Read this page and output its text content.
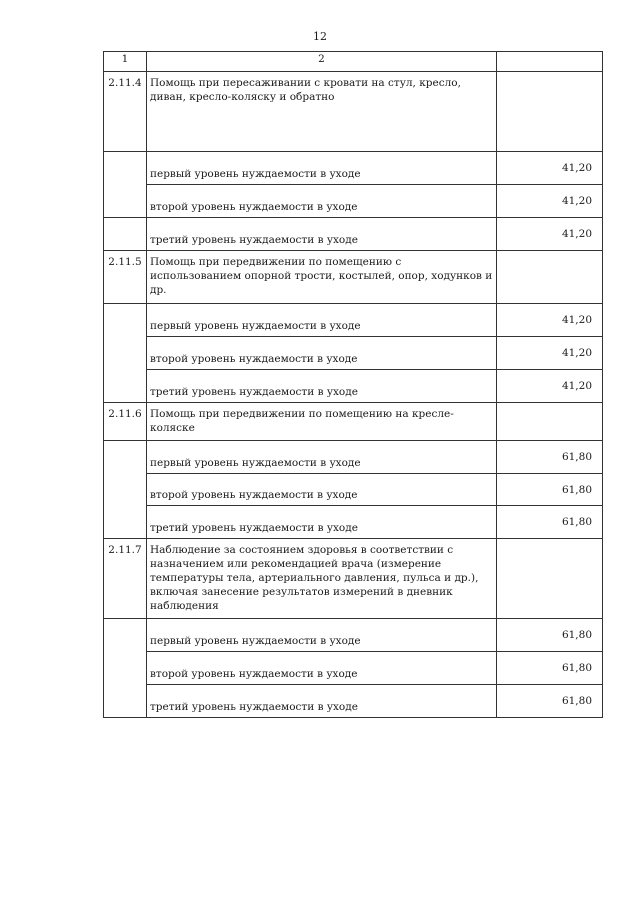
12
1	2	
2.11.4	Помощь при пересаживании с кровати на стул, кресло, диван, кресло-коляску и обратно	
	первый уровень нуждаемости в уходе	41,20
	второй уровень нуждаемости в уходе	41,20
	третий уровень нуждаемости в уходе	41,20
2.11.5	Помощь при передвижении по помещению с использованием опорной трости, костылей, опор, ходунков и др.	
	первый уровень нуждаемости в уходе	41,20
	второй уровень нуждаемости в уходе	41,20
	третий уровень нуждаемости в уходе	41,20
2.11.6	Помощь при передвижении по помещению на кресле-коляске	
	первый уровень нуждаемости в уходе	61,80
	второй уровень нуждаемости в уходе	61,80
	третий уровень нуждаемости в уходе	61,80
2.11.7	Наблюдение за состоянием здоровья в соответствии с назначением или рекомендацией врача (измерение температуры тела, артериального давления, пульса и др.), включая занесение результатов измерений в дневник наблюдения	
	первый уровень нуждаемости в уходе	61,80
	второй уровень нуждаемости в уходе	61,80
	третий уровень нуждаемости в уходе	61,80
